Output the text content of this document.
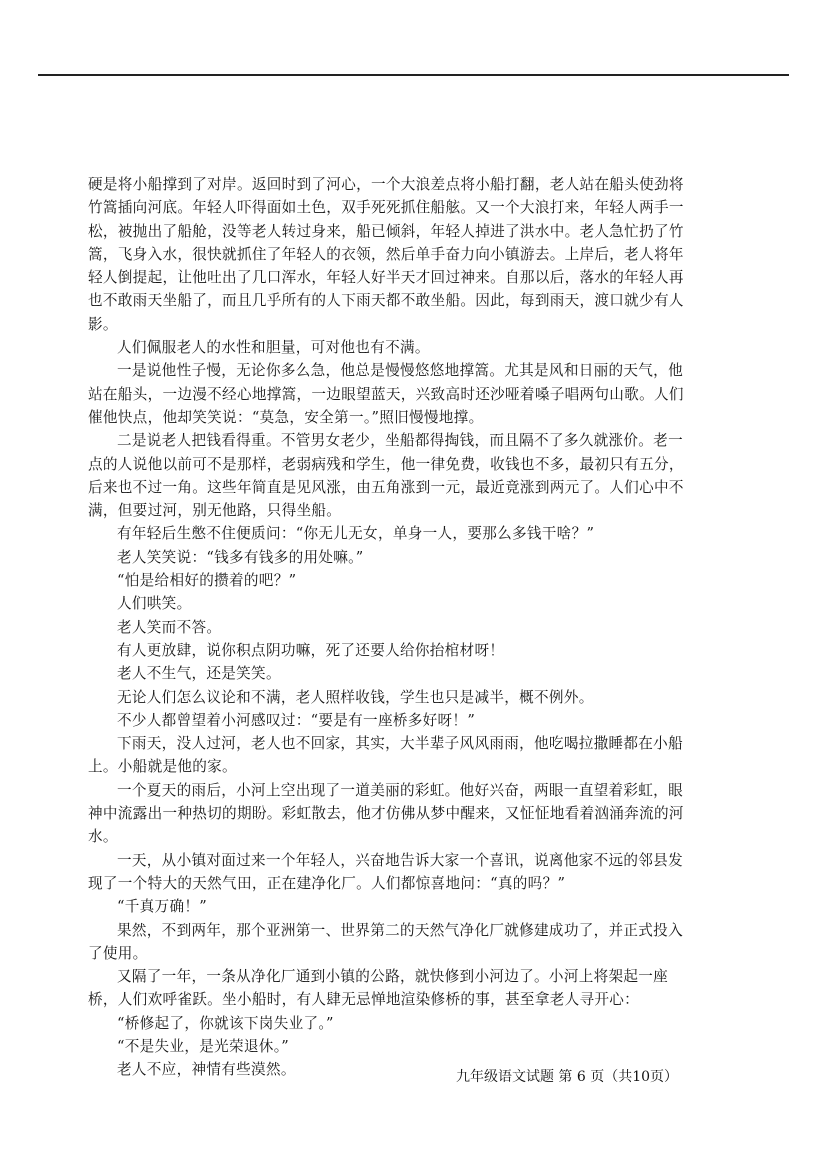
硬是将小船撑到了对岸。返回时到了河心，一个大浪差点将小船打翻，老人站在船头使劲将
竹篙插向河底。年轻人吓得面如土色，双手死死抓住船舷。又一个大浪打来，年轻人两手一
松，被抛出了船舱，没等老人转过身来，船已倾斜，年轻人掉进了洪水中。老人急忙扔了竹
篙，飞身入水，很快就抓住了年轻人的衣领，然后单手奋力向小镇游去。上岸后，老人将年
轻人倒提起，让他吐出了几口浑水，年轻人好半天才回过神来。自那以后，落水的年轻人再
也不敢雨天坐船了，而且几乎所有的人下雨天都不敢坐船。因此，每到雨天，渡口就少有人
影。
人们佩服老人的水性和胆量，可对他也有不满。
一是说他性子慢，无论你多么急，他总是慢慢悠悠地撑篙。尤其是风和日丽的天气，他
站在船头，一边漫不经心地撑篙，一边眼望蓝天，兴致高时还沙哑着嗓子唱两句山歌。人们
催他快点，他却笑笑说：“莫急，安全第一。”照旧慢慢地撑。
二是说老人把钱看得重。不管男女老少，坐船都得掏钱，而且隔不了多久就涨价。老一
点的人说他以前可不是那样，老弱病残和学生，他一律免费，收钱也不多，最初只有五分，
后来也不过一角。这些年简直是见风涨，由五角涨到一元，最近竟涨到两元了。人们心中不
满，但要过河，别无他路，只得坐船。
有年轻后生憋不住便质问：“你无儿无女，单身一人，要那么多钱干啥？”
老人笑笑说：“钱多有钱多的用处嘛。”
“怕是给相好的攒着的吧？”
人们哄笑。
老人笑而不答。
有人更放肆，说你积点阴功嘛，死了还要人给你抬棺材呀！
老人不生气，还是笑笑。
无论人们怎么议论和不满，老人照样收钱，学生也只是减半，概不例外。
不少人都曾望着小河感叹过：“要是有一座桥多好呀！”
下雨天，没人过河，老人也不回家，其实，大半辈子风风雨雨，他吃喝拉撒睡都在小船
上。小船就是他的家。
一个夏天的雨后，小河上空出现了一道美丽的彩虹。他好兴奋，两眼一直望着彩虹，眼
神中流露出一种热切的期盼。彩虹散去，他才仿佛从梦中醒来，又怔怔地看着汹涌奔流的河
水。
一天，从小镇对面过来一个年轻人，兴奋地告诉大家一个喜讯，说离他家不远的邻县发
现了一个特大的天然气田，正在建净化厂。人们都惊喜地问：“真的吗？”
“千真万确！”
果然，不到两年，那个亚洲第一、世界第二的天然气净化厂就修建成功了，并正式投入
了使用。
又隔了一年，一条从净化厂通到小镇的公路，就快修到小河边了。小河上将架起一座
桥，人们欢呼雀跃。坐小船时，有人肆无忌惮地渲染修桥的事，甚至拿老人寻开心：
“桥修起了，你就该下岗失业了。”
“不是失业，是光荣退休。”
老人不应，神情有些漠然。	九年级语文试题 第 6 页（共10页）
